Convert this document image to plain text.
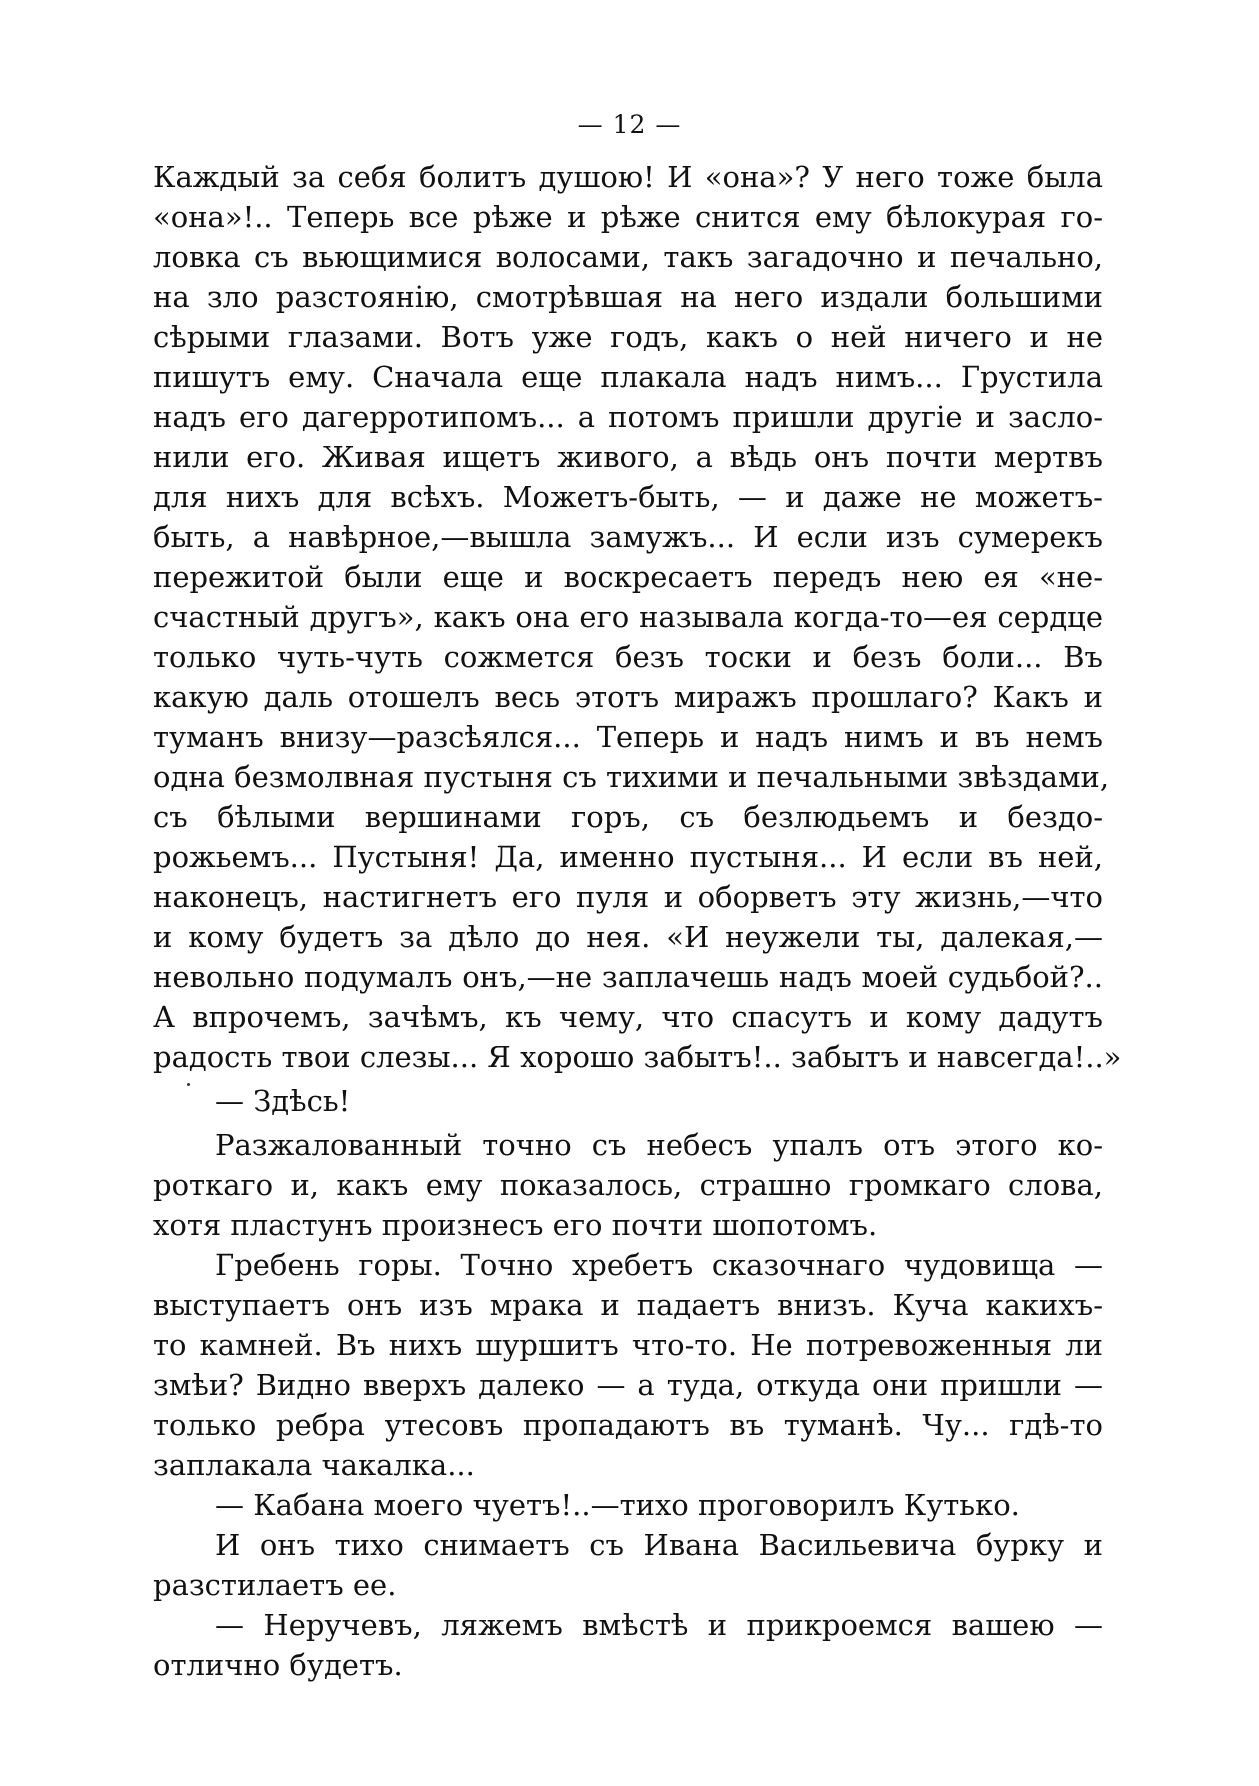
— 12 —
Каждый за себя болитъ душою! И «она»? У него тоже была
«она»!.. Теперь все рѣже и рѣже снится ему бѣлокурая го-
ловка съ вьющимися волосами, такъ загадочно и печально,
на зло разстоянію, смотрѣвшая на него издали большими
сѣрыми глазами. Вотъ уже годъ, какъ о ней ничего и не
пишутъ ему. Сначала еще плакала надъ нимъ... Грустила
надъ его дагерротипомъ... а потомъ пришли другіе и засло-
нили его. Живая ищетъ живого, а вѣдь онъ почти мертвъ
для нихъ для всѣхъ. Можетъ-быть, — и даже не можетъ-
быть, а навѣрное,—вышла замужъ... И если изъ сумерекъ
пережитой были еще и воскресаетъ передъ нею ея «не-
счастный другъ», какъ она его называла когда-то—ея сердце
только чуть-чуть сожмется безъ тоски и безъ боли... Въ
какую даль отошелъ весь этотъ миражъ прошлаго? Какъ и
туманъ внизу—разсѣялся... Теперь и надъ нимъ и въ немъ
одна безмолвная пустыня съ тихими и печальными звѣздами,
съ бѣлыми вершинами горъ, съ безлюдьемъ и бездо-
рожьемъ... Пустыня! Да, именно пустыня... И если въ ней,
наконецъ, настигнетъ его пуля и оборветъ эту жизнь,—что
и кому будетъ за дѣло до нея. «И неужели ты, далекая,—
невольно подумалъ онъ,—не заплачешь надъ моей судьбой?..
А впрочемъ, зачѣмъ, къ чему, что спасутъ и кому дадутъ
радость твои слезы... Я хорошо забытъ!.. забытъ и навсегда!..»
— Здѣсь!
Разжалованный точно съ небесъ упалъ отъ этого ко-
роткаго и, какъ ему показалось, страшно громкаго слова,
хотя пластунъ произнесъ его почти шопотомъ.
Гребень горы. Точно хребетъ сказочнаго чудовища —
выступаетъ онъ изъ мрака и падаетъ внизъ. Куча какихъ-
то камней. Въ нихъ шуршитъ что-то. Не потревоженныя ли
змѣи? Видно вверхъ далеко — а туда, откуда они пришли —
только ребра утесовъ пропадаютъ въ туманѣ. Чу... гдѣ-то
заплакала чакалка...
— Кабана моего чуетъ!..—тихо проговорилъ Кутько.
И онъ тихо снимаетъ съ Ивана Васильевича бурку и
разстилаетъ ее.
— Неручевъ, ляжемъ вмѣстѣ и прикроемся вашею —
отлично будетъ.
